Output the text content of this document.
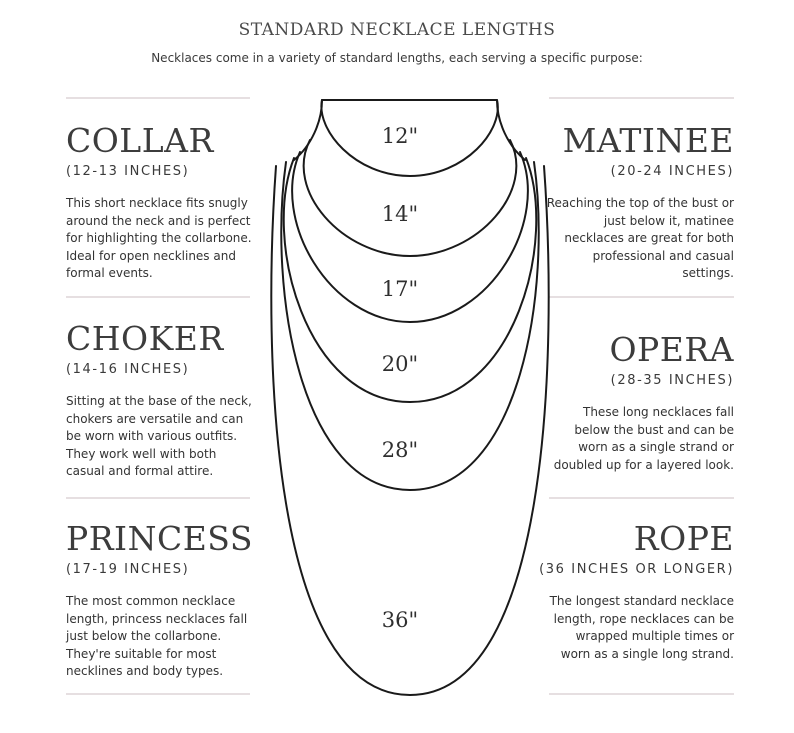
STANDARD NECKLACE LENGTHS
Necklaces come in a variety of standard lengths, each serving a specific purpose:
COLLAR
(12-13 INCHES)
This short necklace fits snugly around the neck and is perfect for highlighting the collarbone. Ideal for open necklines and formal events.
CHOKER
(14-16 INCHES)
Sitting at the base of the neck, chokers are versatile and can be worn with various outfits. They work well with both casual and formal attire.
PRINCESS
(17-19 INCHES)
The most common necklace length, princess necklaces fall just below the collarbone. They're suitable for most necklines and body types.
MATINEE
(20-24 INCHES)
Reaching the top of the bust or just below it, matinee necklaces are great for both professional and casual settings.
OPERA
(28-35 INCHES)
These long necklaces fall below the bust and can be worn as a single strand or doubled up for a layered look.
ROPE
(36 INCHES OR LONGER)
The longest standard necklace length, rope necklaces can be wrapped multiple times or worn as a single long strand.
12"
14"
17"
20"
28"
36"
